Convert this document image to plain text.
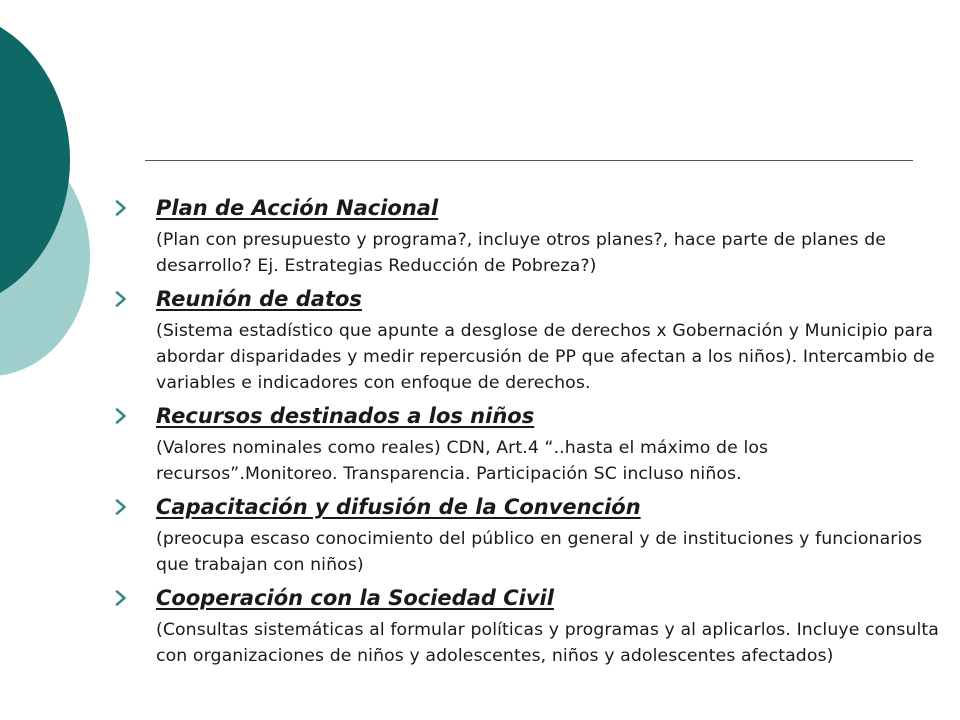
Plan de Acción Nacional
(Plan con presupuesto y programa?, incluye otros planes?, hace parte de planes de desarrollo? Ej. Estrategias Reducción de Pobreza?)
Reunión de datos
(Sistema estadístico que apunte a desglose de derechos x Gobernación y Municipio para abordar disparidades y medir repercusión de PP que afectan a los niños). Intercambio de variables e indicadores con enfoque de derechos.
Recursos destinados a los niños
(Valores nominales como reales) CDN, Art.4 “..hasta el máximo de los recursos”.Monitoreo. Transparencia. Participación SC incluso niños.
Capacitación y difusión de la Convención
(preocupa escaso conocimiento del público en general y de instituciones y funcionarios que trabajan con niños)
Cooperación con la Sociedad Civil
(Consultas sistemáticas al formular políticas y programas y al aplicarlos. Incluye consulta con organizaciones de niños y adolescentes, niños y adolescentes afectados)
